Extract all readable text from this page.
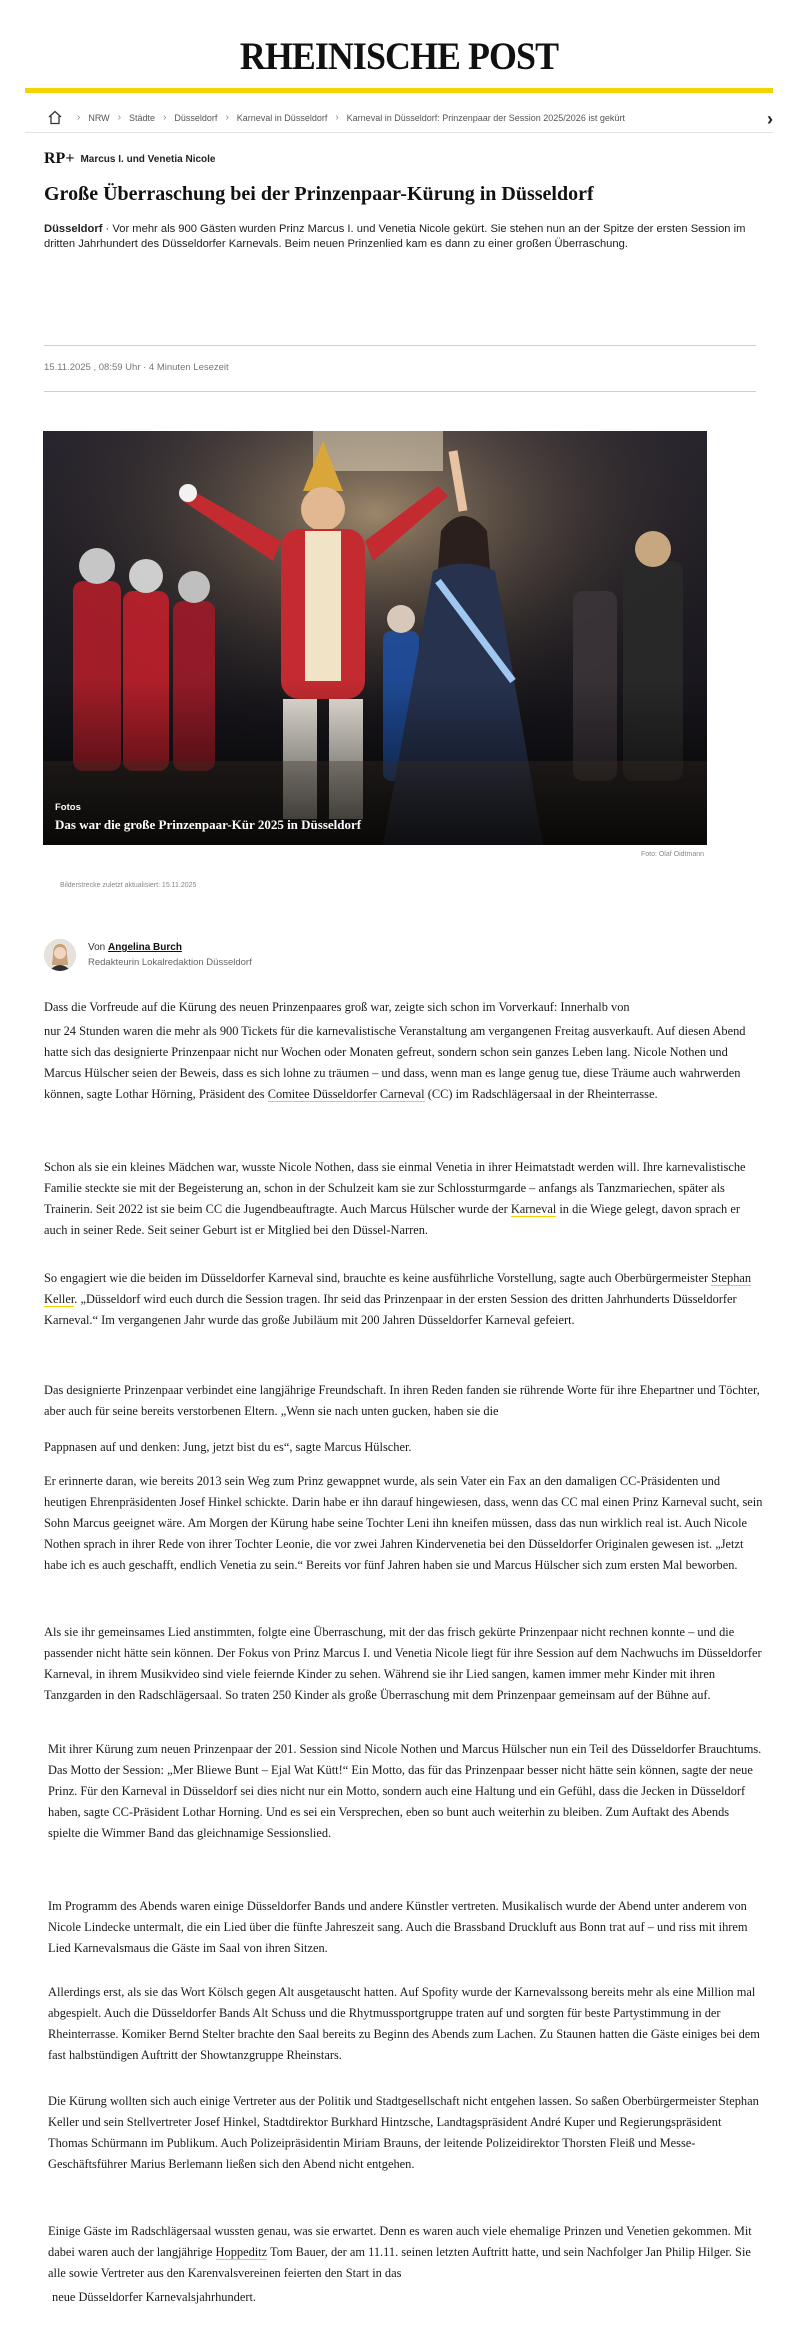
RHEINISCHE POST
› NRW › Städte › Düsseldorf › Karneval in Düsseldorf › Karneval in Düsseldorf: Prinzenpaar der Session 2025/2026 ist gekürt	›
RP+ Marcus I. und Venetia Nicole
Große Überraschung bei der Prinzenpaar-Kürung in Düsseldorf

Düsseldorf · Vor mehr als 900 Gästen wurden Prinz Marcus I. und Venetia Nicole gekürt. Sie stehen nun an der Spitze der ersten Session im dritten Jahrhundert des Düsseldorfer Karnevals. Beim neuen Prinzenlied kam es dann zu einer großen Überraschung.

15.11.2025 , 08:59 Uhr · 4 Minuten Lesezeit
Fotos
Das war die große Prinzenpaar-Kür 2025 in Düsseldorf
Foto: Olaf Oidtmann
Bilderstrecke zuletzt aktualisiert: 15.11.2025
Von Angelina Burch
Redakteurin Lokalredaktion Düsseldorf

Dass die Vorfreude auf die Kürung des neuen Prinzenpaares groß war, zeigte sich schon im Vorverkauf: Innerhalb von

nur 24 Stunden waren die mehr als 900 Tickets für die karnevalistische Veranstaltung am vergangenen Freitag ausverkauft. Auf diesen Abend hatte sich das designierte Prinzenpaar nicht nur Wochen oder Monaten gefreut, sondern schon sein ganzes Leben lang. Nicole Nothen und Marcus Hülscher seien der Beweis, dass es sich lohne zu träumen – und dass, wenn man es lange genug tue, diese Träume auch wahrwerden können, sagte Lothar Hörning, Präsident des Comitee Düsseldorfer Carneval (CC) im Radschlägersaal in der Rheinterrasse.

Schon als sie ein kleines Mädchen war, wusste Nicole Nothen, dass sie einmal Venetia in ihrer Heimatstadt werden will. Ihre karnevalistische Familie steckte sie mit der Begeisterung an, schon in der Schulzeit kam sie zur Schlossturmgarde – anfangs als Tanzmariechen, später als Trainerin. Seit 2022 ist sie beim CC die Jugendbeauftragte. Auch Marcus Hülscher wurde der Karneval in die Wiege gelegt, davon sprach er auch in seiner Rede. Seit seiner Geburt ist er Mitglied bei den Düssel-Narren.

So engagiert wie die beiden im Düsseldorfer Karneval sind, brauchte es keine ausführliche Vorstellung, sagte auch Oberbürgermeister Stephan Keller. „Düsseldorf wird euch durch die Session tragen. Ihr seid das Prinzenpaar in der ersten Session des dritten Jahrhunderts Düsseldorfer Karneval.“ Im vergangenen Jahr wurde das große Jubiläum mit 200 Jahren Düsseldorfer Karneval gefeiert.

Das designierte Prinzenpaar verbindet eine langjährige Freundschaft. In ihren Reden fanden sie rührende Worte für ihre Ehepartner und Töchter, aber auch für seine bereits verstorbenen Eltern. „Wenn sie nach unten gucken, haben sie die

Pappnasen auf und denken: Jung, jetzt bist du es“, sagte Marcus Hülscher.

Er erinnerte daran, wie bereits 2013 sein Weg zum Prinz gewappnet wurde, als sein Vater ein Fax an den damaligen CC-Präsidenten und heutigen Ehrenpräsidenten Josef Hinkel schickte. Darin habe er ihn darauf hingewiesen, dass, wenn das CC mal einen Prinz Karneval sucht, sein Sohn Marcus geeignet wäre. Am Morgen der Kürung habe seine Tochter Leni ihn kneifen müssen, dass das nun wirklich real ist. Auch Nicole Nothen sprach in ihrer Rede von ihrer Tochter Leonie, die vor zwei Jahren Kindervenetia bei den Düsseldorfer Originalen gewesen ist. „Jetzt habe ich es auch geschafft, endlich Venetia zu sein.“ Bereits vor fünf Jahren haben sie und Marcus Hülscher sich zum ersten Mal beworben.

Als sie ihr gemeinsames Lied anstimmten, folgte eine Überraschung, mit der das frisch gekürte Prinzenpaar nicht rechnen konnte – und die passender nicht hätte sein können. Der Fokus von Prinz Marcus I. und Venetia Nicole liegt für ihre Session auf dem Nachwuchs im Düsseldorfer Karneval, in ihrem Musikvideo sind viele feiernde Kinder zu sehen. Während sie ihr Lied sangen, kamen immer mehr Kinder mit ihren Tanzgarden in den Radschlägersaal. So traten 250 Kinder als große Überraschung mit dem Prinzenpaar gemeinsam auf der Bühne auf.

Mit ihrer Kürung zum neuen Prinzenpaar der 201. Session sind Nicole Nothen und Marcus Hülscher nun ein Teil des Düsseldorfer Brauchtums. Das Motto der Session: „Mer Bliewe Bunt – Ejal Wat Kütt!“ Ein Motto, das für das Prinzenpaar besser nicht hätte sein können, sagte der neue Prinz. Für den Karneval in Düsseldorf sei dies nicht nur ein Motto, sondern auch eine Haltung und ein Gefühl, dass die Jecken in Düsseldorf haben, sagte CC-Präsident Lothar Horning. Und es sei ein Versprechen, eben so bunt auch weiterhin zu bleiben. Zum Auftakt des Abends spielte die Wimmer Band das gleichnamige Sessionslied.

Im Programm des Abends waren einige Düsseldorfer Bands und andere Künstler vertreten. Musikalisch wurde der Abend unter anderem von Nicole Lindecke untermalt, die ein Lied über die fünfte Jahreszeit sang. Auch die Brassband Druckluft aus Bonn trat auf – und riss mit ihrem Lied Karnevalsmaus die Gäste im Saal von ihren Sitzen.

Allerdings erst, als sie das Wort Kölsch gegen Alt ausgetauscht hatten. Auf Spofity wurde der Karnevalssong bereits mehr als eine Million mal abgespielt. Auch die Düsseldorfer Bands Alt Schuss und die Rhytmussportgruppe traten auf und sorgten für beste Partystimmung in der Rheinterrasse. Komiker Bernd Stelter brachte den Saal bereits zu Beginn des Abends zum Lachen. Zu Staunen hatten die Gäste einiges bei dem fast halbstündigen Auftritt der Showtanzgruppe Rheinstars.

Die Kürung wollten sich auch einige Vertreter aus der Politik und Stadtgesellschaft nicht entgehen lassen. So saßen Oberbürgermeister Stephan Keller und sein Stellvertreter Josef Hinkel, Stadtdirektor Burkhard Hintzsche, Landtagspräsident André Kuper und Regierungspräsident Thomas Schürmann im Publikum. Auch Polizeipräsidentin Miriam Brauns, der leitende Polizeidirektor Thorsten Fleiß und Messe-Geschäftsführer Marius Berlemann ließen sich den Abend nicht entgehen.

Einige Gäste im Radschlägersaal wussten genau, was sie erwartet. Denn es waren auch viele ehemalige Prinzen und Venetien gekommen. Mit dabei waren auch der langjährige Hoppeditz Tom Bauer, der am 11.11. seinen letzten Auftritt hatte, und sein Nachfolger Jan Philip Hilger. Sie alle sowie Vertreter aus den Karenvalsvereinen feierten den Start in das

neue Düsseldorfer Karnevalsjahrhundert.
